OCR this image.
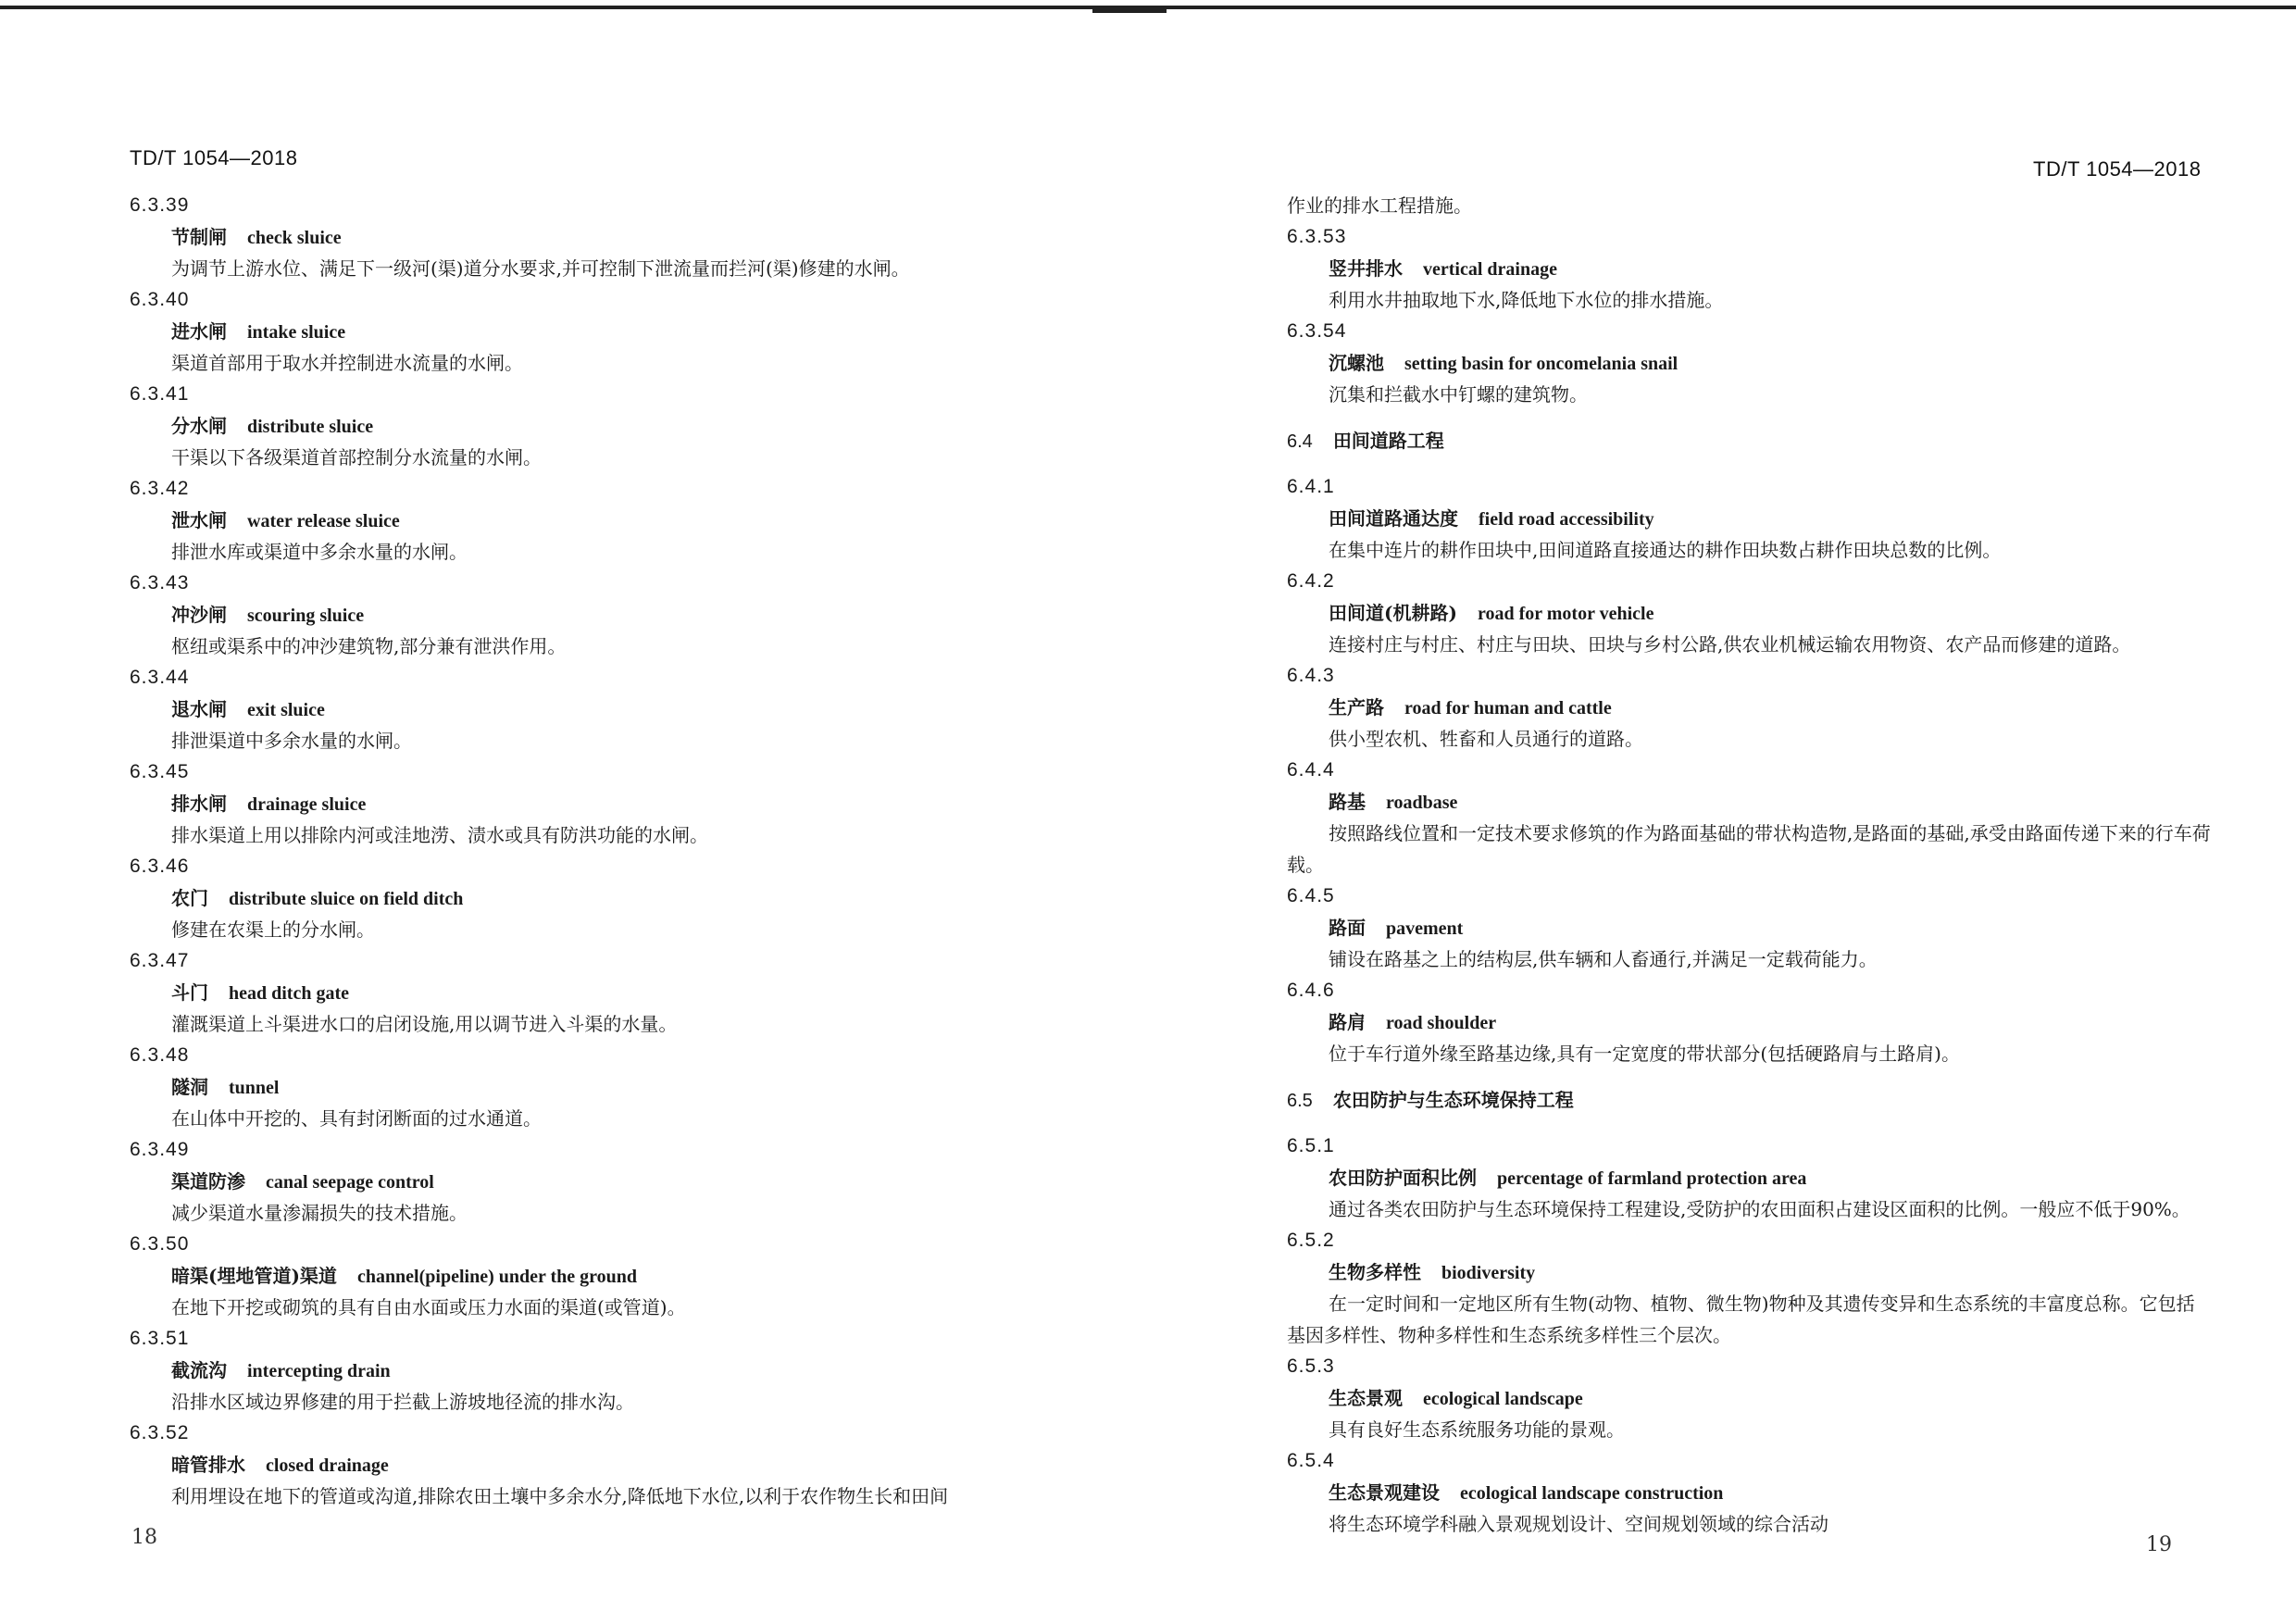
TD/T 1054—2018	TD/T 1054—2018
6.3.39
节制闸 check sluice
为调节上游水位、满足下一级河(渠)道分水要求,并可控制下泄流量而拦河(渠)修建的水闸。
6.3.40
进水闸 intake sluice
渠道首部用于取水并控制进水流量的水闸。
6.3.41
分水闸 distribute sluice
干渠以下各级渠道首部控制分水流量的水闸。
6.3.42
泄水闸 water release sluice
排泄水库或渠道中多余水量的水闸。
6.3.43
冲沙闸 scouring sluice
枢纽或渠系中的冲沙建筑物,部分兼有泄洪作用。
6.3.44
退水闸 exit sluice
排泄渠道中多余水量的水闸。
6.3.45
排水闸 drainage sluice
排水渠道上用以排除内河或洼地涝、渍水或具有防洪功能的水闸。
6.3.46
农门 distribute sluice on field ditch
修建在农渠上的分水闸。
6.3.47
斗门 head ditch gate
灌溉渠道上斗渠进水口的启闭设施,用以调节进入斗渠的水量。
6.3.48
隧洞 tunnel
在山体中开挖的、具有封闭断面的过水通道。
6.3.49
渠道防渗 canal seepage control
减少渠道水量渗漏损失的技术措施。
6.3.50
暗渠(埋地管道)渠道 channel(pipeline) under the ground
在地下开挖或砌筑的具有自由水面或压力水面的渠道(或管道)。
6.3.51
截流沟 intercepting drain
沿排水区域边界修建的用于拦截上游坡地径流的排水沟。
6.3.52
暗管排水 closed drainage
利用埋设在地下的管道或沟道,排除农田土壤中多余水分,降低地下水位,以利于农作物生长和田间
作业的排水工程措施。
6.3.53
竖井排水 vertical drainage
利用水井抽取地下水,降低地下水位的排水措施。
6.3.54
沉螺池 setting basin for oncomelania snail
沉集和拦截水中钉螺的建筑物。
6.4 田间道路工程
6.4.1
田间道路通达度 field road accessibility
在集中连片的耕作田块中,田间道路直接通达的耕作田块数占耕作田块总数的比例。
6.4.2
田间道(机耕路) road for motor vehicle
连接村庄与村庄、村庄与田块、田块与乡村公路,供农业机械运输农用物资、农产品而修建的道路。
6.4.3
生产路 road for human and cattle
供小型农机、牲畜和人员通行的道路。
6.4.4
路基 roadbase
按照路线位置和一定技术要求修筑的作为路面基础的带状构造物,是路面的基础,承受由路面传递下来的行车荷载。
6.4.5
路面 pavement
铺设在路基之上的结构层,供车辆和人畜通行,并满足一定载荷能力。
6.4.6
路肩 road shoulder
位于车行道外缘至路基边缘,具有一定宽度的带状部分(包括硬路肩与土路肩)。
6.5 农田防护与生态环境保持工程
6.5.1
农田防护面积比例 percentage of farmland protection area
通过各类农田防护与生态环境保持工程建设,受防护的农田面积占建设区面积的比例。一般应不低于90%。
6.5.2
生物多样性 biodiversity
在一定时间和一定地区所有生物(动物、植物、微生物)物种及其遗传变异和生态系统的丰富度总称。它包括基因多样性、物种多样性和生态系统多样性三个层次。
6.5.3
生态景观 ecological landscape
具有良好生态系统服务功能的景观。
6.5.4
生态景观建设 ecological landscape construction
将生态环境学科融入景观规划设计、空间规划领域的综合活动
18	19
